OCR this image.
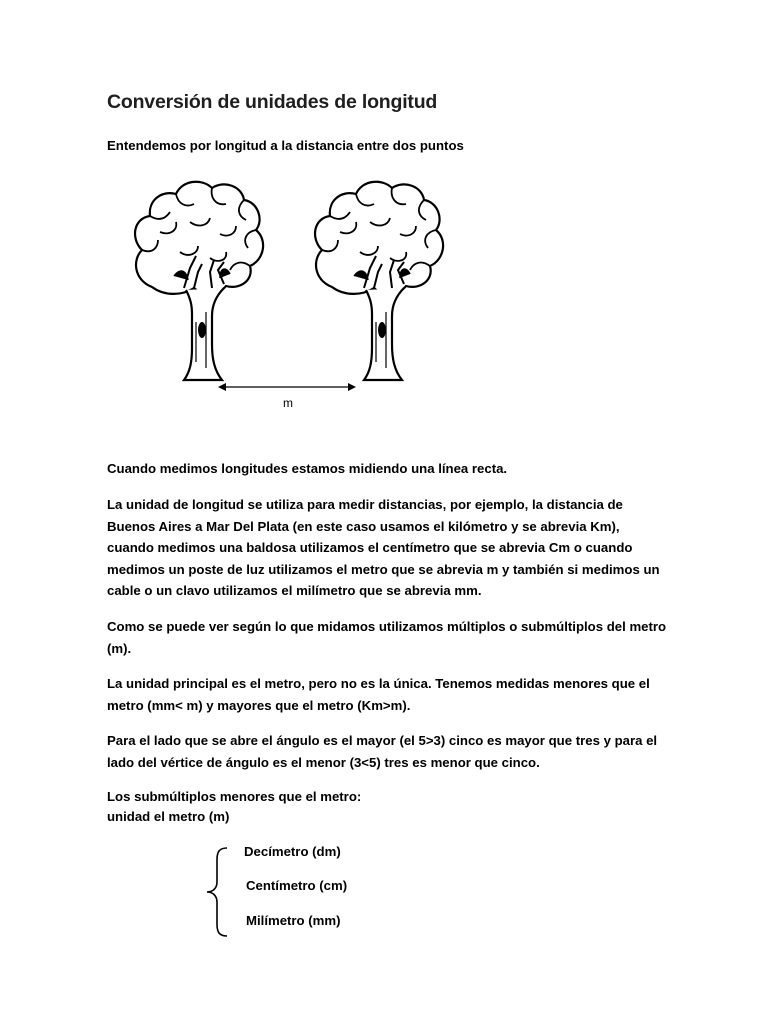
Conversión de unidades de longitud
Entendemos por longitud a la distancia entre dos puntos
m

Cuando medimos longitudes estamos midiendo una línea recta.

La unidad de longitud se utiliza para medir distancias, por ejemplo, la distancia de Buenos Aires a Mar Del Plata (en este caso usamos el kilómetro y se abrevia Km), cuando medimos una baldosa utilizamos el centímetro que se abrevia Cm o cuando medimos un poste de luz utilizamos el metro que se abrevia m y también si medimos un cable o un clavo utilizamos el milímetro que se abrevia mm.

Como se puede ver según lo que midamos utilizamos múltiplos o submúltiplos del metro (m).

La unidad principal es el metro, pero no es la única. Tenemos medidas menores que el metro (mm< m) y mayores que el metro (Km>m).

Para el lado que se abre el ángulo es el mayor (el 5>3) cinco es mayor que tres y para el lado del vértice de ángulo es el menor (3<5) tres es menor que cinco.

Los submúltiplos menores que el metro:

unidad el metro (m)

Decímetro (dm)
Centímetro (cm)
Milímetro (mm)
